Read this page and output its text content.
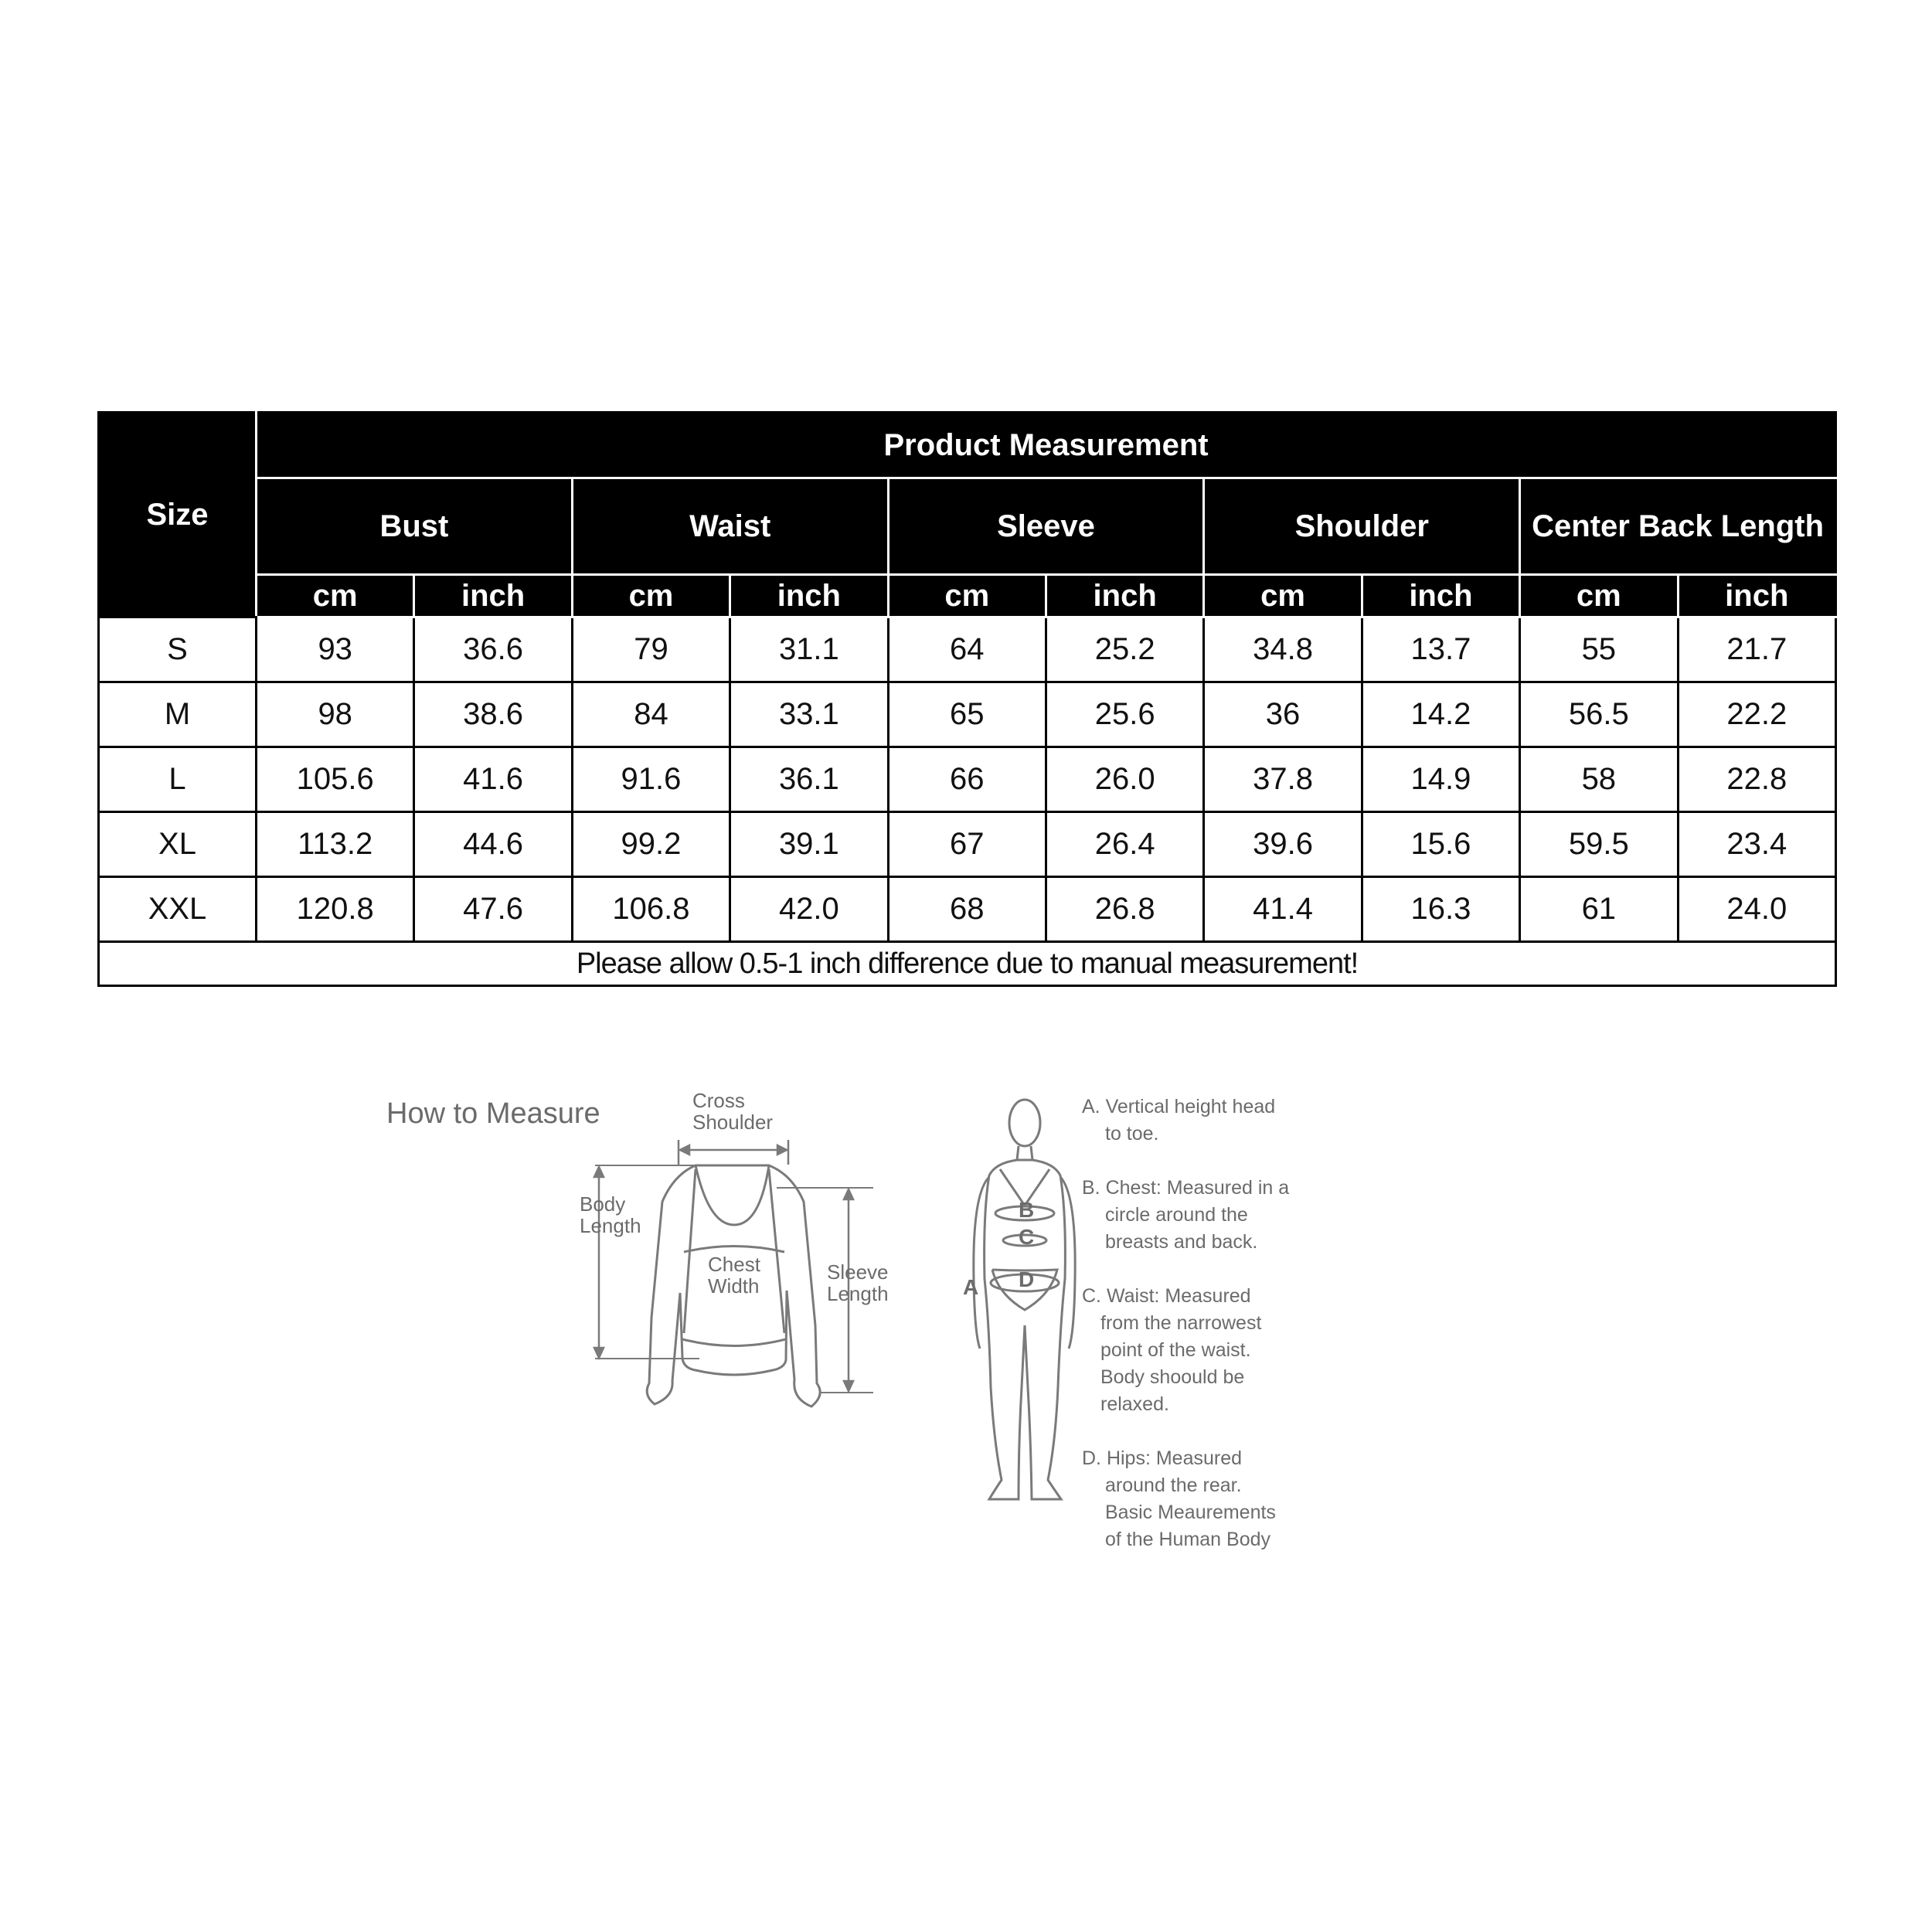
Size	Product Measurement									
	Bust		Waist		Sleeve		Shoulder		Center Back Length	
	cm	inch	cm	inch	cm	inch	cm	inch	cm	inch
S	93	36.6	79	31.1	64	25.2	34.8	13.7	55	21.7
M	98	38.6	84	33.1	65	25.6	36	14.2	56.5	22.2
L	105.6	41.6	91.6	36.1	66	26.0	37.8	14.9	58	22.8
XL	113.2	44.6	99.2	39.1	67	26.4	39.6	15.6	59.5	23.4
XXL	120.8	47.6	106.8	42.0	68	26.8	41.4	16.3	61	24.0
Please allow 0.5-1 inch difference due to manual measurement!										
How to Measure	Cross
Shoulder
Body
Length
Chest
Width
Sleeve
Length
B
C
D
A
A. Vertical height head
to toe.
B. Chest: Measured in a
circle around the
breasts and back.
C. Waist: Measured
from the narrowest
point of the waist.
Body shoould be
relaxed.
D. Hips: Measured
around the rear.
Basic Meaurements
of the Human Body
